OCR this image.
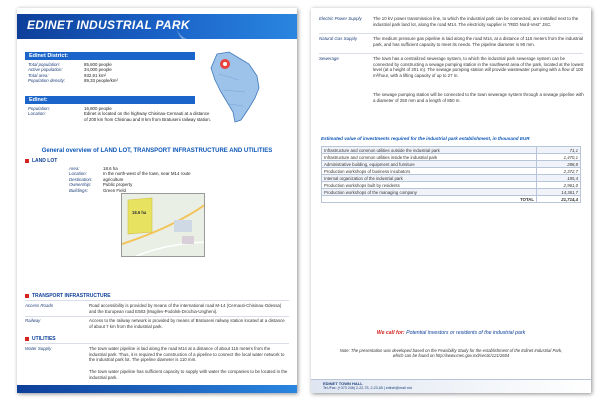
EDINET INDUSTRIAL PARK
Edinet District:
Total population:	85,600 people
Active population:	34,000 people
Total area:	932,91 km²
Population density:	89,33 people/km²
Edinet:
Population:	16,800 people
Location:	Edinet is located on the highway Chisinau-Cernauti at a distance of 200 km from Chisinau and 8 km from Bratuseni railway station.
General overview of LAND LOT, TRANSPORT INFRASTRUCTURE AND UTILITIES
LAND LOT
Area:	18.6 ha
Location:	In the north-west of the town, near M14 route
Destination:	agriculture
Ownership:	Public property
Buildings:	Green Field
18.6 ha
TRANSPORT INFRASTRUCTURE
Access Roads	Road accessibility is provided by means of the international road M-14 (Cernauti-Chisinau-Odessa) and the European road E583 (Mogilev-Podolsk-Drochia-Ungheni).
Railway	Access to the railway network is provided by means of Bratuseni railway station located at a distance of about 7 km from the industrial park.
UTILITIES
Water Supply	The town water pipeline is laid along the road M14 at a distance of about 115 meters from the industrial park. Thus, it is required the construction of a pipeline to connect the local water network to the industrial park lot. The pipeline diameter is 110 mm.
The town water pipeline has sufficient capacity to supply with water the companies to be located in the industrial park.
Electric Power Supply	The 10 kV power transmission line, to which the industrial park can be connected, are installed next to the industrial park land lot, along the road M14. The electricity supplier is "RED Nord-Vest" JSC.
Natural Gas Supply	The medium pressure gas pipeline is laid along the road M14, at a distance of 115 meters from the industrial park, and has sufficient capacity to meet its needs. The pipeline diameter is 90 mm.
Sewerage	The town has a centralized sewerage system, to which the industrial park sewerage system can be connected by constructing a sewage pumping station in the southwest area of the park, located at the lowest level (at a height of 201 m). The sewage pumping station will provide wastewater pumping with a flow of 100 m³/hour, with a lifting capacity of up to 27 m.
The sewage pumping station will be connected to the town sewerage system through a sewage pipeline with a diameter of 250 mm and a length of 850 m.
Estimated value of investments required for the industrial park establishment, in thousand EUR
Infrastructure and common utilities outside the industrial park	71,1
Infrastructure and common utilities inside the industrial park	1,470,1
Administrative building, equipment and furniture	288,8
Production workshops of business incubators	2,372,7
Internal organization of the industrial park	185,4
Production workshops built by residents	2,961,0
Production workshops of the managing company	14,361,7
TOTAL	21,714,4
We call for: Potential investors or residents of the industrial park
Note: The presentation was developed based on the Feasibility Study for the establishment of the Edinet Industrial Park, which can be found on http://www.mec.gov.md/sectic/121/2604
EDINET TOWN HALL
Tel./Fax: (+373 246) 2-22-75, 2-23-65 | edinet@mail.md
